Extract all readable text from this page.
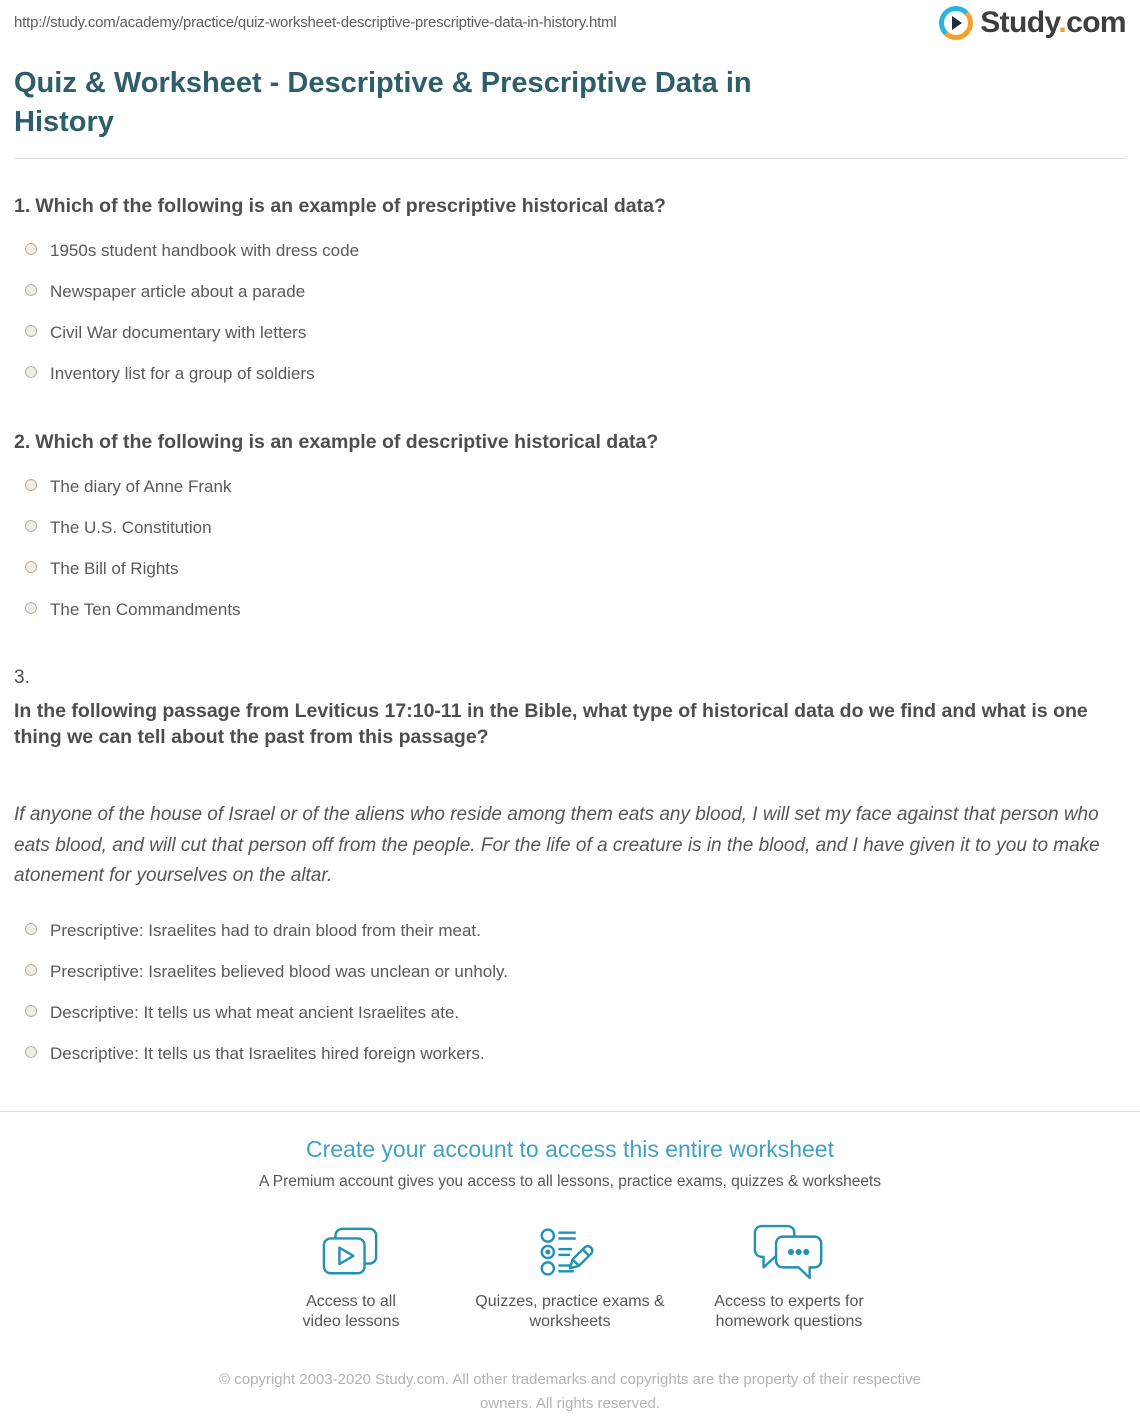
http://study.com/academy/practice/quiz-worksheet-descriptive-prescriptive-data-in-history.html	Study.com
Quiz & Worksheet - Descriptive & Prescriptive Data in History
1. Which of the following is an example of prescriptive historical data?
1950s student handbook with dress code
Newspaper article about a parade
Civil War documentary with letters
Inventory list for a group of soldiers
2. Which of the following is an example of descriptive historical data?
The diary of Anne Frank
The U.S. Constitution
The Bill of Rights
The Ten Commandments
3.
In the following passage from Leviticus 17:10-11 in the Bible, what type of historical data do we find and what is one thing we can tell about the past from this passage?

If anyone of the house of Israel or of the aliens who reside among them eats any blood, I will set my face against that person who eats blood, and will cut that person off from the people. For the life of a creature is in the blood, and I have given it to you to make atonement for yourselves on the altar.

Prescriptive: Israelites had to drain blood from their meat.
Prescriptive: Israelites believed blood was unclean or unholy.
Descriptive: It tells us what meat ancient Israelites ate.
Descriptive: It tells us that Israelites hired foreign workers.
Create your account to access this entire worksheet

A Premium account gives you access to all lessons, practice exams, quizzes & worksheets

Access to all video lessons
Quizzes, practice exams & worksheets
Access to experts for homework questions

© copyright 2003-2020 Study.com. All other trademarks and copyrights are the property of their respective owners. All rights reserved.
